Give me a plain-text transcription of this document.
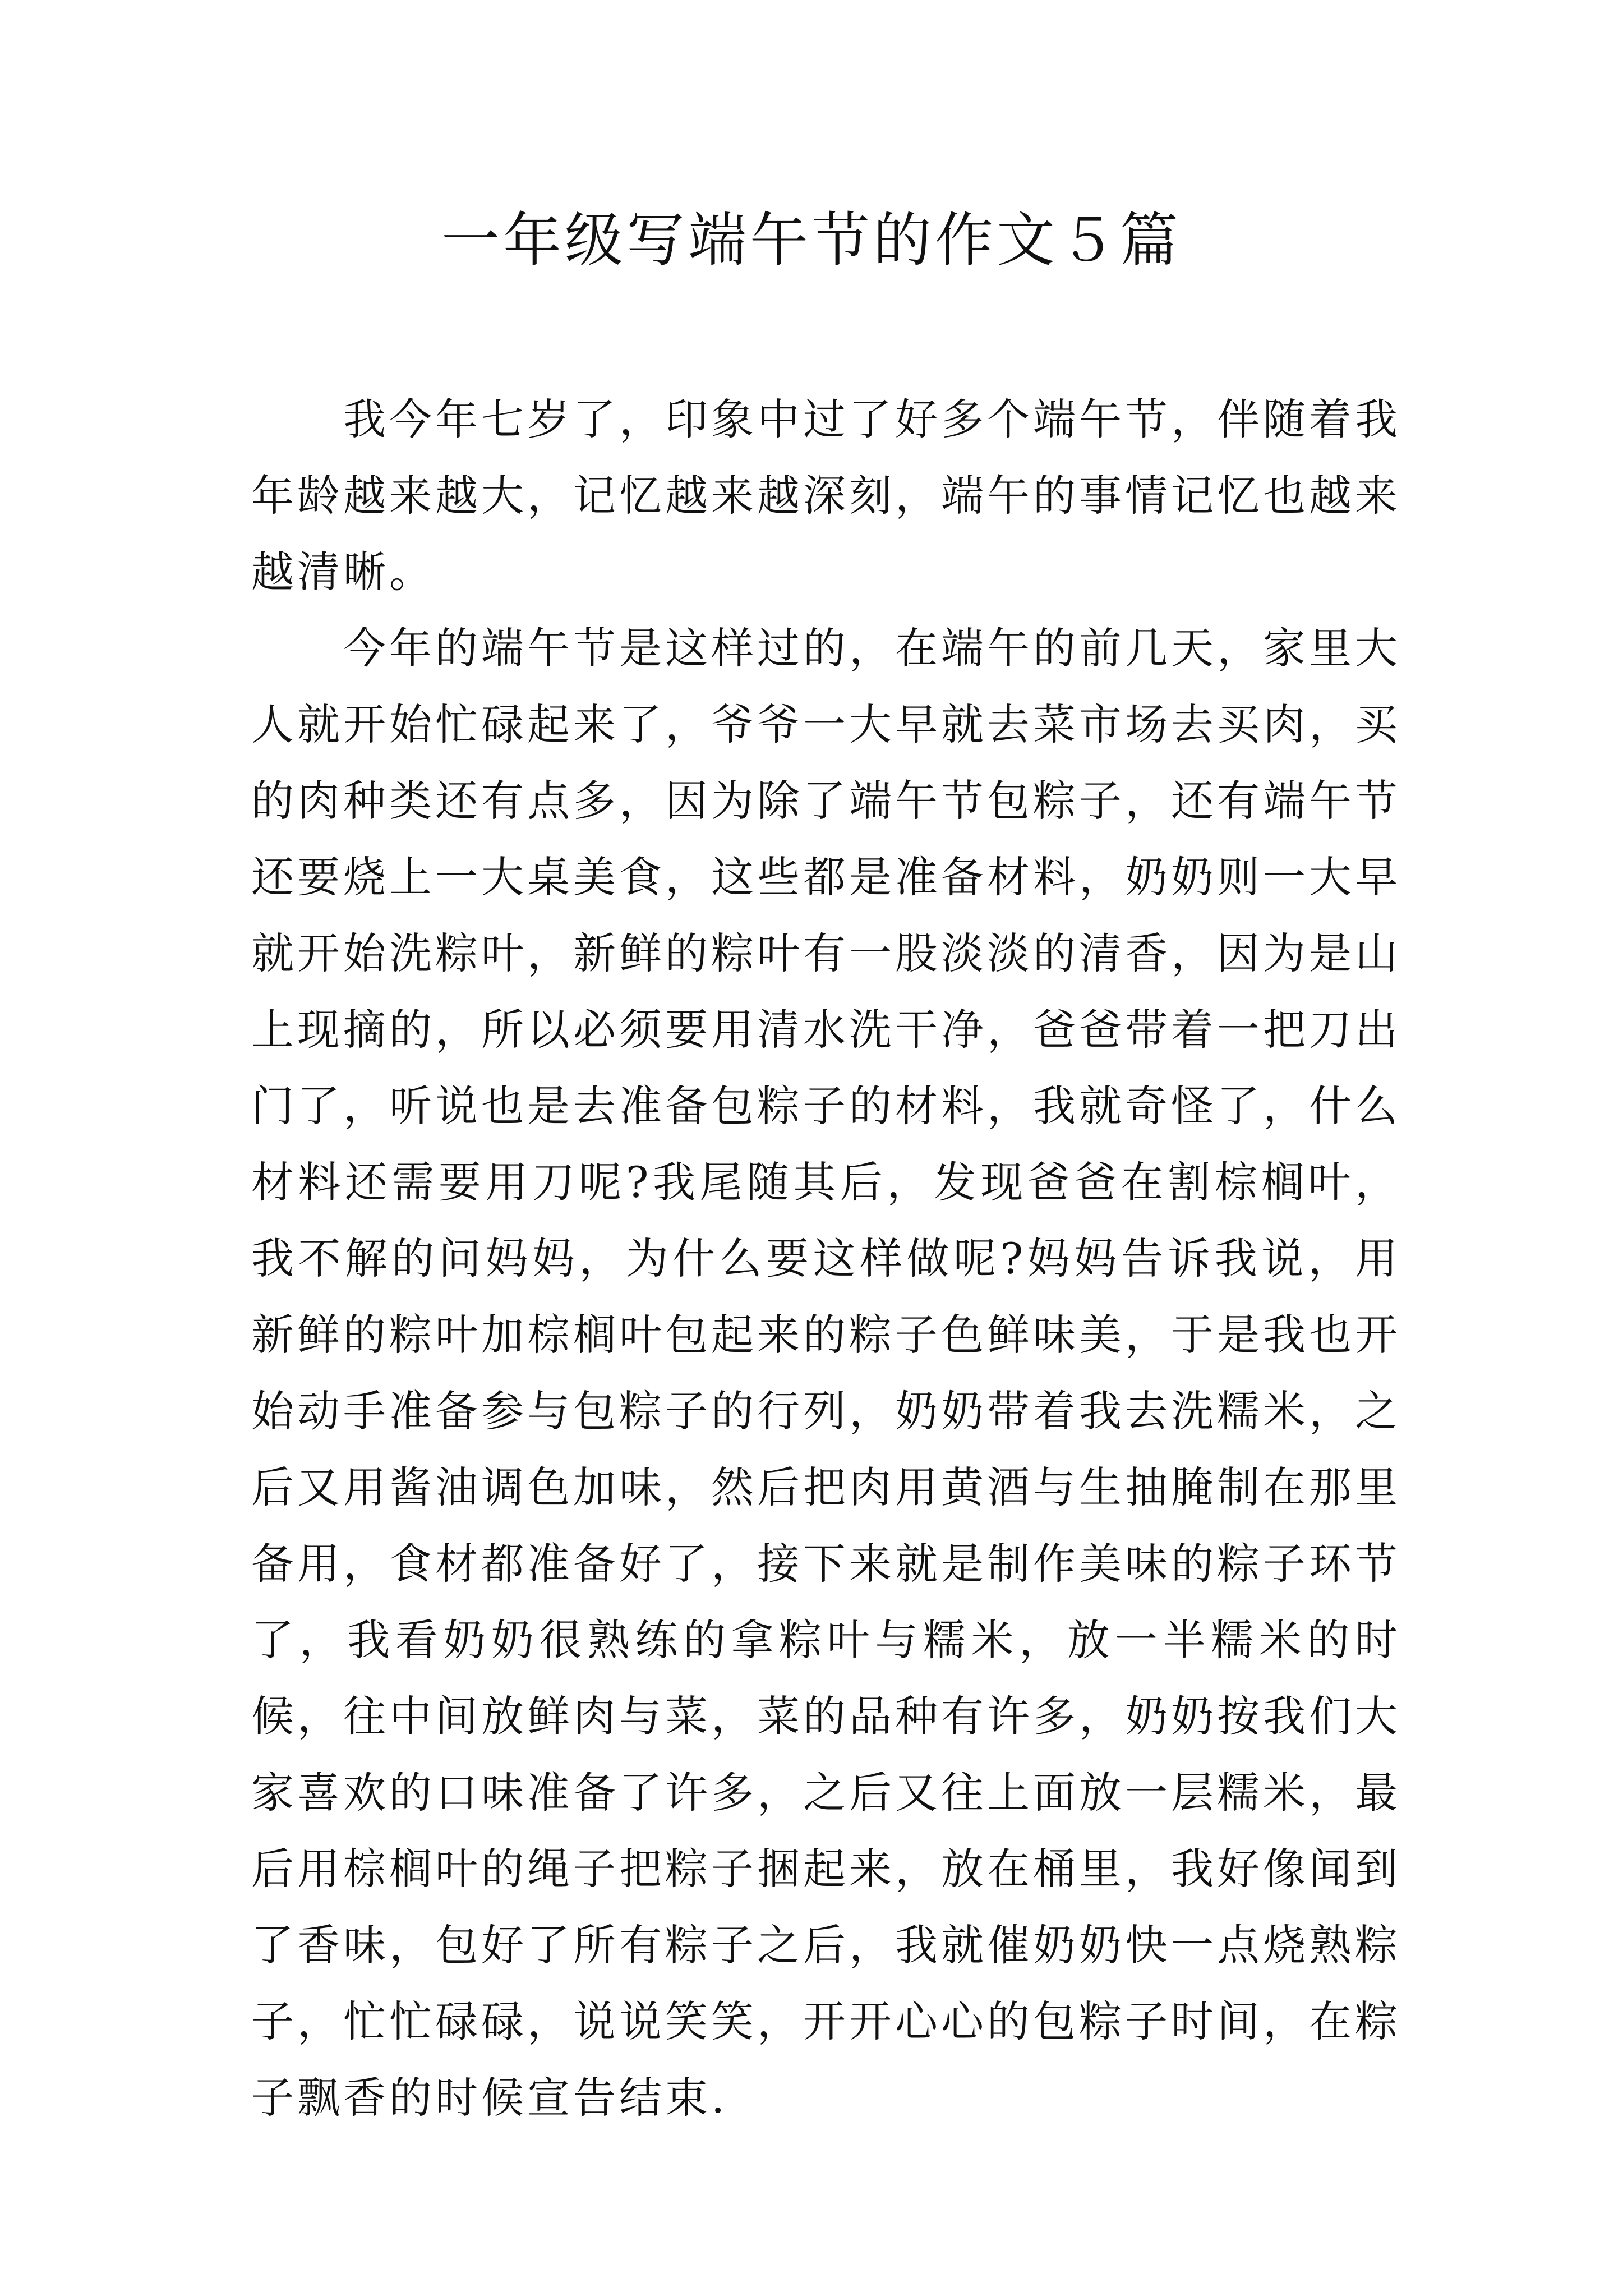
一年级写端午节的作文５篇

我今年七岁了，印象中过了好多个端午节，伴随着我年龄越来越大，记忆越来越深刻，端午的事情记忆也越来越清晰。

今年的端午节是这样过的，在端午的前几天，家里大人就开始忙碌起来了，爷爷一大早就去菜市场去买肉，买的肉种类还有点多，因为除了端午节包粽子，还有端午节还要烧上一大桌美食，这些都是准备材料，奶奶则一大早就开始洗粽叶，新鲜的粽叶有一股淡淡的清香，因为是山上现摘的，所以必须要用清水洗干净，爸爸带着一把刀出门了，听说也是去准备包粽子的材料，我就奇怪了，什么材料还需要用刀呢?我尾随其后，发现爸爸在割棕榈叶，我不解的问妈妈，为什么要这样做呢?妈妈告诉我说，用新鲜的粽叶加棕榈叶包起来的粽子色鲜味美，于是我也开始动手准备参与包粽子的行列，奶奶带着我去洗糯米，之后又用酱油调色加味，然后把肉用黄酒与生抽腌制在那里备用，食材都准备好了，接下来就是制作美味的粽子环节了，我看奶奶很熟练的拿粽叶与糯米，放一半糯米的时候，往中间放鲜肉与菜，菜的品种有许多，奶奶按我们大家喜欢的口味准备了许多，之后又往上面放一层糯米，最后用棕榈叶的绳子把粽子捆起来，放在桶里，我好像闻到了香味，包好了所有粽子之后，我就催奶奶快一点烧熟粽子，忙忙碌碌，说说笑笑，开开心心的包粽子时间，在粽子飘香的时候宣告结束.
